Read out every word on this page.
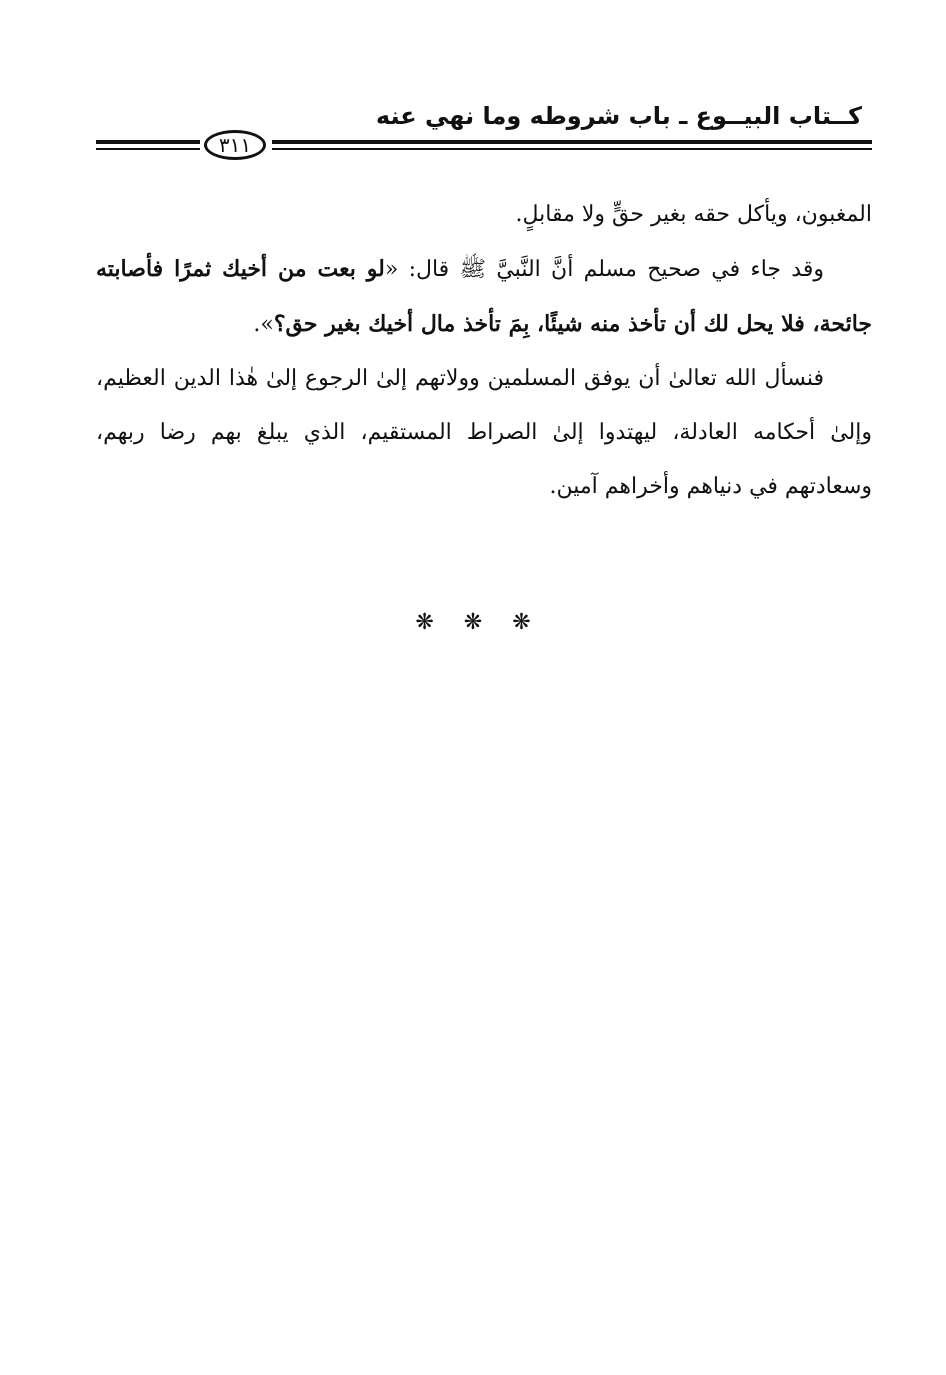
كــتاب البيــوع ـ باب شروطه وما نهي عنه
٣١١

المغبون، ويأكل حقه بغير حقٍّ ولا مقابلٍ.

وقد جاء في صحيح مسلم أنَّ النَّبيَّ ﷺ قال: «لو بعت من أخيك ثمرًا فأصابته جائحة، فلا يحل لك أن تأخذ منه شيئًا، بِمَ تأخذ مال أخيك بغير حق؟».

فنسأل الله تعالىٰ أن يوفق المسلمين وولاتهم إلىٰ الرجوع إلىٰ هٰذا الدين العظيم، وإلىٰ أحكامه العادلة، ليهتدوا إلىٰ الصراط المستقيم، الذي يبلغ بهم رضا ربهم، وسعادتهم في دنياهم وأخراهم آمين.

❋ ❋ ❋
